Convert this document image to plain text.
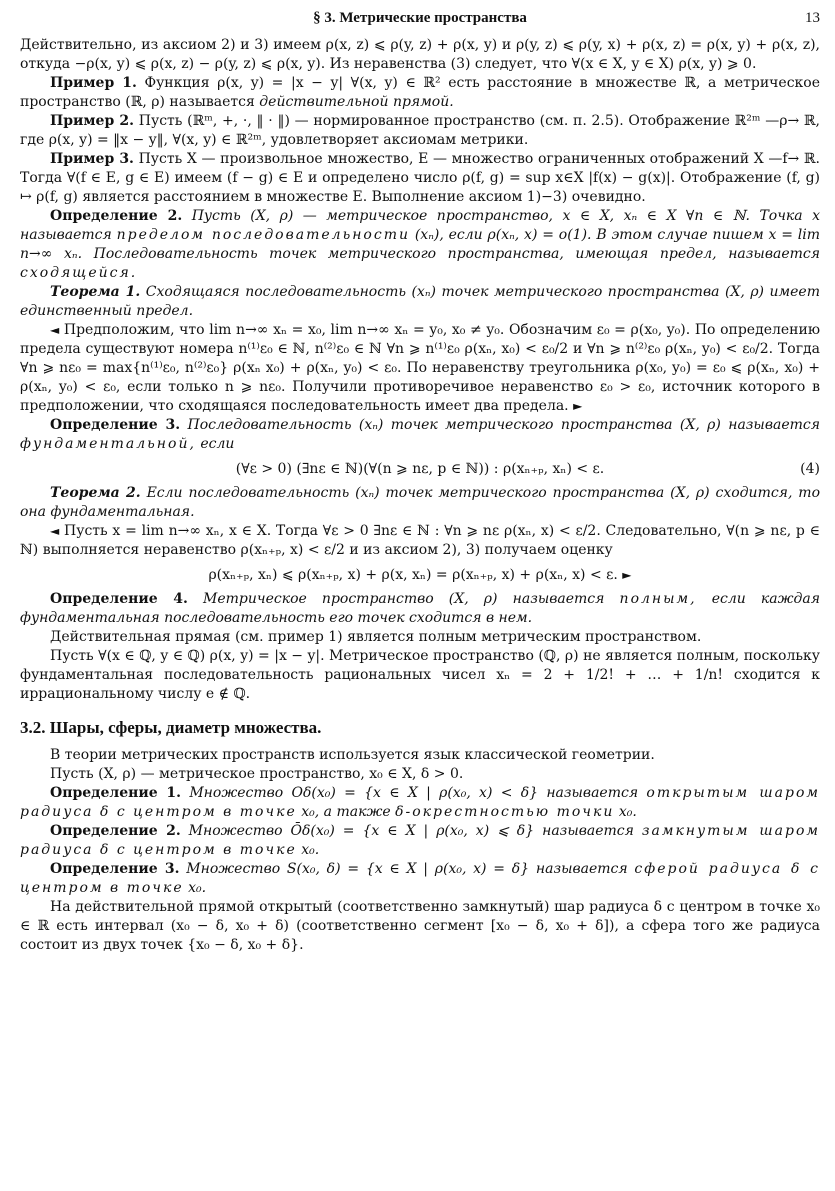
§ 3. Метрические пространства	13

Действительно, из аксиом 2) и 3) имеем ρ(x, z) ⩽ ρ(y, z) + ρ(x, y) и ρ(y, z) ⩽ ρ(y, x) + ρ(x, z) = ρ(x, y) + ρ(x, z), откуда −ρ(x, y) ⩽ ρ(x, z) − ρ(y, z) ⩽ ρ(x, y). Из неравенства (3) следует, что ∀(x ∈ X, y ∈ X) ρ(x, y) ⩾ 0.

Пример 1. Функция ρ(x, y) = |x − y| ∀(x, y) ∈ ℝ² есть расстояние в множестве ℝ, а метрическое пространство (ℝ, ρ) называется действительной прямой.

Пример 2. Пусть (ℝᵐ, +, ·, ‖ · ‖) — нормированное пространство (см. п. 2.5). Отображение ℝ²ᵐ —ρ→ ℝ, где ρ(x, y) = ‖x − y‖, ∀(x, y) ∈ ℝ²ᵐ, удовлетворяет аксиомам метрики.

Пример 3. Пусть X — произвольное множество, E — множество ограниченных отображений X —f→ ℝ. Тогда ∀(f ∈ E, g ∈ E) имеем (f − g) ∈ E и определено число ρ(f, g) = sup x∈X |f(x) − g(x)|. Отображение (f, g) ↦ ρ(f, g) является расстоянием в множестве E. Выполнение аксиом 1)−3) очевидно.

Определение 2. Пусть (X, ρ) — метрическое пространство, x ∈ X, xₙ ∈ X ∀n ∈ ℕ. Точка x называется пределом последовательности (xₙ), если ρ(xₙ, x) = o(1). В этом случае пишем x = lim n→∞ xₙ. Последовательность точек метрического пространства, имеющая предел, называется сходящейся.

Теорема 1. Сходящаяся последовательность (xₙ) точек метрического пространства (X, ρ) имеет единственный предел.

◄ Предположим, что lim n→∞ xₙ = x₀, lim n→∞ xₙ = y₀, x₀ ≠ y₀. Обозначим ε₀ = ρ(x₀, y₀). По определению предела существуют номера n⁽¹⁾ε₀ ∈ ℕ, n⁽²⁾ε₀ ∈ ℕ ∀n ⩾ n⁽¹⁾ε₀ ρ(xₙ, x₀) < ε₀/2 и ∀n ⩾ n⁽²⁾ε₀ ρ(xₙ, y₀) < ε₀/2. Тогда ∀n ⩾ nε₀ = max{n⁽¹⁾ε₀, n⁽²⁾ε₀} ρ(xₙ x₀) + ρ(xₙ, y₀) < ε₀. По неравенству треугольника ρ(x₀, y₀) = ε₀ ⩽ ρ(xₙ, x₀) + ρ(xₙ, y₀) < ε₀, если только n ⩾ nε₀. Получили противоречивое неравенство ε₀ > ε₀, источник которого в предположении, что сходящаяся последовательность имеет два предела. ►

Определение 3. Последовательность (xₙ) точек метрического пространства (X, ρ) называется фундаментальной, если

(∀ε > 0) (∃nε ∈ ℕ)(∀(n ⩾ nε, p ∈ ℕ)) : ρ(xₙ₊ₚ, xₙ) < ε.	(4)

Теорема 2. Если последовательность (xₙ) точек метрического пространства (X, ρ) сходится, то она фундаментальная.

◄ Пусть x = lim n→∞ xₙ, x ∈ X. Тогда ∀ε > 0 ∃nε ∈ ℕ : ∀n ⩾ nε ρ(xₙ, x) < ε/2. Следовательно, ∀(n ⩾ nε, p ∈ ℕ) выполняется неравенство ρ(xₙ₊ₚ, x) < ε/2 и из аксиом 2), 3) получаем оценку

ρ(xₙ₊ₚ, xₙ) ⩽ ρ(xₙ₊ₚ, x) + ρ(x, xₙ) = ρ(xₙ₊ₚ, x) + ρ(xₙ, x) < ε. ►

Определение 4. Метрическое пространство (X, ρ) называется полным, если каждая фундаментальная последовательность его точек сходится в нем.

Действительная прямая (см. пример 1) является полным метрическим пространством.

Пусть ∀(x ∈ ℚ, y ∈ ℚ) ρ(x, y) = |x − y|. Метрическое пространство (ℚ, ρ) не является полным, поскольку фундаментальная последовательность рациональных чисел xₙ = 2 + 1/2! + … + 1/n! сходится к иррациональному числу e ∉ ℚ.

3.2. Шары, сферы, диаметр множества.

В теории метрических пространств используется язык классической геометрии.

Пусть (X, ρ) — метрическое пространство, x₀ ∈ X, δ > 0.

Определение 1. Множество Oδ(x₀) = {x ∈ X | ρ(x₀, x) < δ} называется открытым шаром радиуса δ с центром в точке x₀, а также δ-окрестностью точки x₀.

Определение 2. Множество Ōδ(x₀) = {x ∈ X | ρ(x₀, x) ⩽ δ} называется замкнутым шаром радиуса δ с центром в точке x₀.

Определение 3. Множество S(x₀, δ) = {x ∈ X | ρ(x₀, x) = δ} называется сферой радиуса δ с центром в точке x₀.

На действительной прямой открытый (соответственно замкнутый) шар радиуса δ с центром в точке x₀ ∈ ℝ есть интервал (x₀ − δ, x₀ + δ) (соответственно сегмент [x₀ − δ, x₀ + δ]), а сфера того же радиуса состоит из двух точек {x₀ − δ, x₀ + δ}.
